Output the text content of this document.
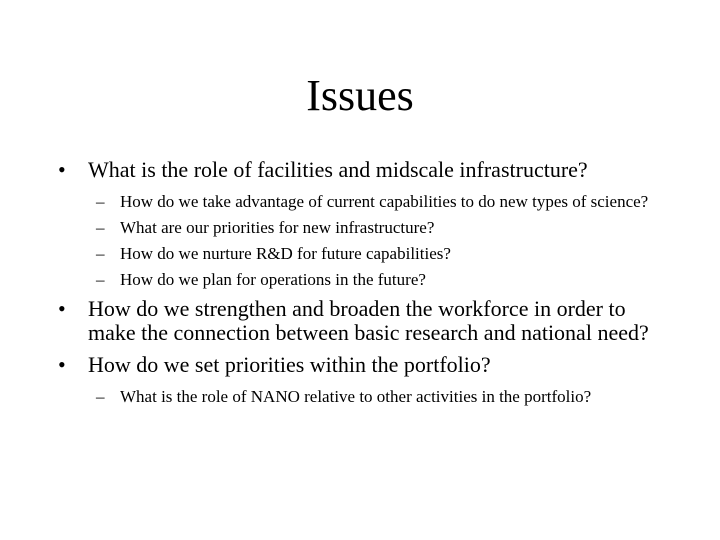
Issues
• What is the role of facilities and midscale infrastructure?
– How do we take advantage of current capabilities to do new types of science?
– What are our priorities for new infrastructure?
– How do we nurture R&D for future capabilities?
– How do we plan for operations in the future?
• How do we strengthen and broaden the workforce in order to make the connection between basic research and national need?
• How do we set priorities within the portfolio?
– What is the role of NANO relative to other activities in the portfolio?
